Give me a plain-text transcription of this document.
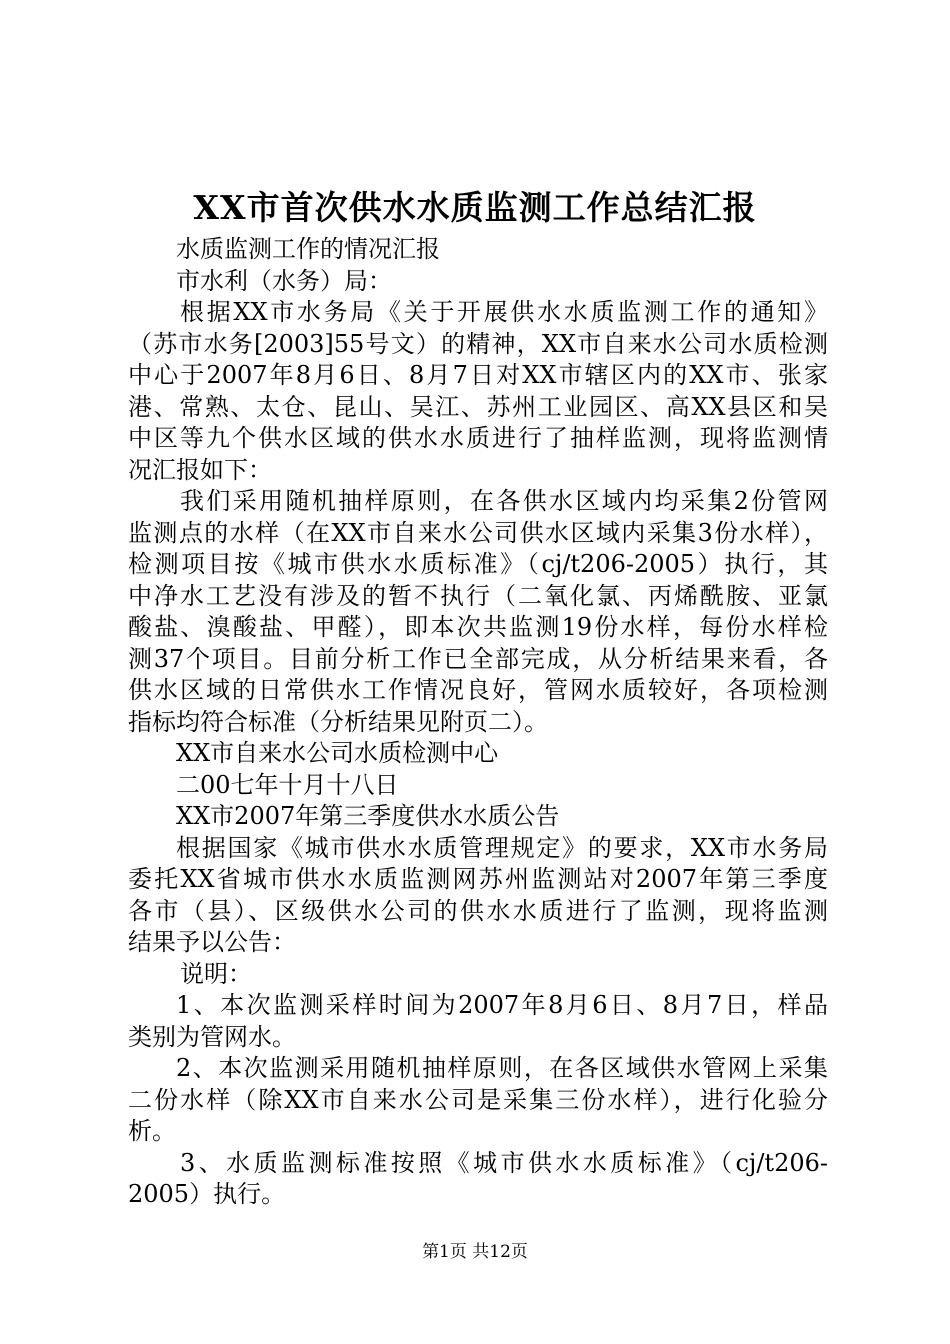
XX市首次供水水质监测工作总结汇报
水质监测工作的情况汇报
市水利（水务）局：
根据XX市水务局《关于开展供水水质监测工作的通知》
（苏市水务[2003]55号文）的精神，XX市自来水公司水质检测
中心于2007年8月6日、8月7日对XX市辖区内的XX市、张家
港、常熟、太仓、昆山、吴江、苏州工业园区、高XX县区和吴
中区等九个供水区域的供水水质进行了抽样监测，现将监测情
况汇报如下：
我们采用随机抽样原则，在各供水区域内均采集2份管网
监测点的水样（在XX市自来水公司供水区域内采集3份水样），
检测项目按《城市供水水质标准》（cj/t206-2005）执行，其
中净水工艺没有涉及的暂不执行（二氧化氯、丙烯酰胺、亚氯
酸盐、溴酸盐、甲醛），即本次共监测19份水样，每份水样检
测37个项目。目前分析工作已全部完成，从分析结果来看，各
供水区域的日常供水工作情况良好，管网水质较好，各项检测
指标均符合标准（分析结果见附页二）。
XX市自来水公司水质检测中心
二00七年十月十八日
XX市2007年第三季度供水水质公告
根据国家《城市供水水质管理规定》的要求，XX市水务局
委托XX省城市供水水质监测网苏州监测站对2007年第三季度
各市（县）、区级供水公司的供水水质进行了监测，现将监测
结果予以公告：
说明：
1、本次监测采样时间为2007年8月6日、8月7日，样品
类别为管网水。
2、本次监测采用随机抽样原则，在各区域供水管网上采集
二份水样（除XX市自来水公司是采集三份水样），进行化验分
析。
3、水质监测标准按照《城市供水水质标准》（cj/t206-
2005）执行。
第1页 共12页
